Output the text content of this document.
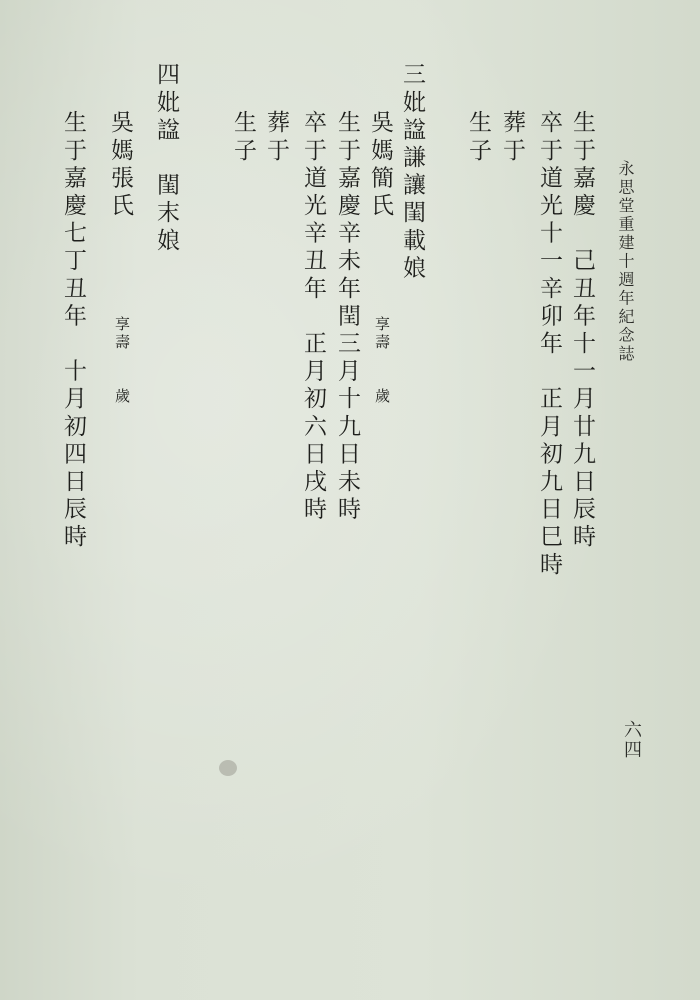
永思堂重建十週年紀念誌
生于嘉慶　己丑年十一月廿九日辰時
卒于道光十一辛卯年　正月初九日巳時
葬于
生子
三妣諡謙讓閨載娘
吳媽簡氏
享壽　　歲
生于嘉慶辛未年閏三月十九日未時
卒于道光辛丑年　正月初六日戌時
葬于
生子
四妣諡　閨末娘
吳媽張氏
享壽　　歲
生于嘉慶七丁丑年　十月初四日辰時
六四
